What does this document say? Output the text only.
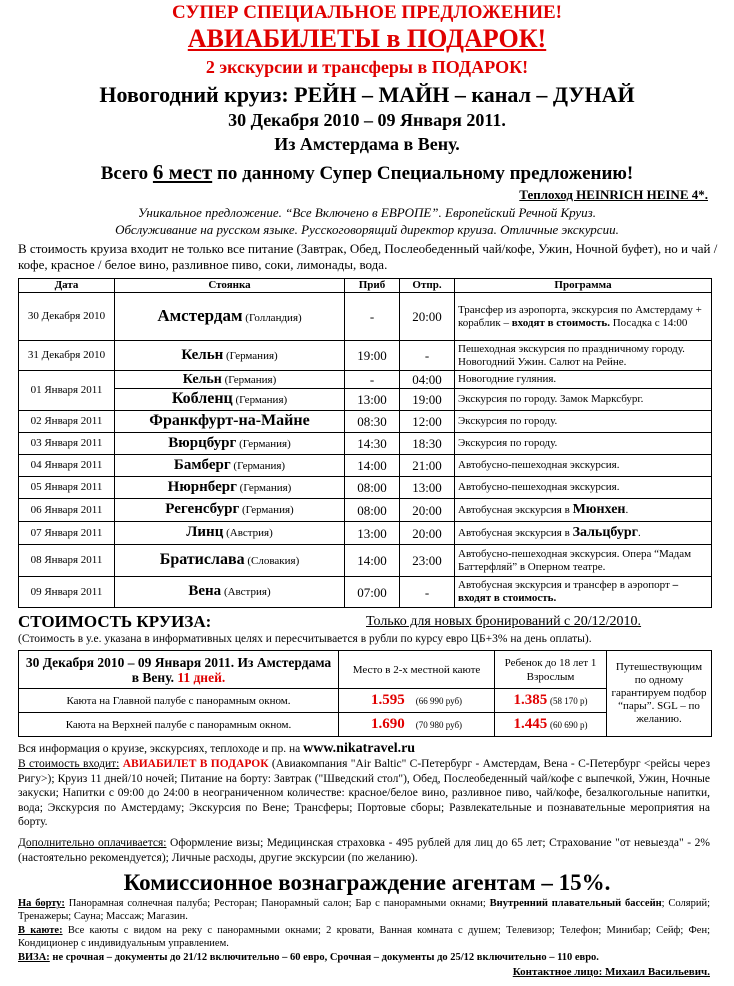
СУПЕР СПЕЦИАЛЬНОЕ ПРЕДЛОЖЕНИЕ!
АВИАБИЛЕТЫ в ПОДАРОК!
2 экскурсии и трансферы в ПОДАРОК!
Новогодний круиз: РЕЙН – МАЙН – канал – ДУНАЙ
30 Декабря 2010 – 09 Января 2011.
Из Амстердама в Вену.
Всего 6 мест по данному Супер Специальному предложению!
Теплоход HEINRICH HEINE 4*.
Уникальное предложение. “Все Включено в ЕВРОПЕ”. Европейский Речной Круиз.
Обслуживание на русском языке. Русскоговорящий директор круиза. Отличные экскурсии.
В стоимость круиза входит не только все питание (Завтрак, Обед, Послеобеденный чай/кофе, Ужин, Ночной буфет), но и чай / кофе, красное / белое вино, разливное пиво, соки, лимонады, вода.
Дата	Стоянка	Приб	Отпр.	Программа
30 Декабря 2010	Амстердам (Голландия)	-	20:00	Трансфер из аэропорта, экскурсия по Амстердаму + кораблик – входят в стоимость. Посадка с 14:00
31 Декабря 2010	Кельн (Германия)	19:00	-	Пешеходная экскурсия по праздничному городу. Новогодний Ужин. Салют на Рейне.
01 Января 2011	Кельн (Германия)	-	04:00	Новогодние гуляния.
	Кобленц (Германия)	13:00	19:00	Экскурсия по городу. Замок Марксбург.
02 Января 2011	Франкфурт-на-Майне	08:30	12:00	Экскурсия по городу.
03 Января 2011	Вюрцбург (Германия)	14:30	18:30	Экскурсия по городу.
04 Января 2011	Бамберг (Германия)	14:00	21:00	Автобусно-пешеходная экскурсия.
05 Января 2011	Нюрнберг (Германия)	08:00	13:00	Автобусно-пешеходная экскурсия.
06 Января 2011	Регенсбург (Германия)	08:00	20:00	Автобусная экскурсия в Мюнхен.
07 Января 2011	Линц (Австрия)	13:00	20:00	Автобусная экскурсия в Зальцбург.
08 Января 2011	Братислава (Словакия)	14:00	23:00	Автобусно-пешеходная экскурсия. Опера “Мадам Баттерфляй” в Оперном театре.
09 Января 2011	Вена (Австрия)	07:00	-	Автобусная экскурсия и трансфер в аэропорт – входят в стоимость.
СТОИМОСТЬ КРУИЗА:	Только для новых бронирований с 20/12/2010.
(Стоимость в у.е. указана в информативных целях и пересчитывается в рубли по курсу евро ЦБ+3% на день оплаты).
30 Декабря 2010 – 09 Января 2011. Из Амстердама в Вену. 11 дней.	Место в 2-х местной каюте	Ребенок до 18 лет 1 Взрослым	Путешествующим по одному гарантируем подбор “пары”. SGL – по желанию.
Каюта на Главной палубе с панорамным окном.	1.595 (66 990 руб)	1.385 (58 170 р)	
Каюта на Верхней палубе с панорамным окном.	1.690 (70 980 руб)	1.445 (60 690 р)	
Вся информация о круизе, экскурсиях, теплоходе и пр. на www.nikatravel.ru
В стоимость входит: АВИАБИЛЕТ В ПОДАРОК (Авиакомпания "Air Baltic" С-Петербург - Амстердам, Вена - С-Петербург <рейсы через Ригу>); Круиз 11 дней/10 ночей; Питание на борту: Завтрак ("Шведский стол"), Обед, Послеобеденный чай/кофе с выпечкой, Ужин, Ночные закуски; Напитки с 09:00 до 24:00 в неограниченном количестве: красное/белое вино, разливное пиво, чай/кофе, безалкогольные напитки, вода; Экскурсия по Амстердаму; Экскурсия по Вене; Трансферы; Портовые сборы; Развлекательные и познавательные мероприятия на борту.
Дополнительно оплачивается: Оформление визы; Медицинская страховка - 495 рублей для лиц до 65 лет; Страхование "от невыезда" - 2% (настоятельно рекомендуется); Личные расходы, другие экскурсии (по желанию).
Комиссионное вознаграждение агентам – 15%.
На борту: Панорамная солнечная палуба; Ресторан; Панорамный салон; Бар с панорамными окнами; Внутренний плавательный бассейн; Солярий; Тренажеры; Сауна; Массаж; Магазин.
В каюте: Все каюты с видом на реку с панорамными окнами; 2 кровати, Ванная комната с душем; Телевизор; Телефон; Минибар; Сейф; Фен; Кондиционер с индивидуальным управлением.
ВИЗА: не срочная – документы до 21/12 включительно – 60 евро, Срочная – документы до 25/12 включительно – 110 евро.
Контактное лицо: Михаил Васильевич.
